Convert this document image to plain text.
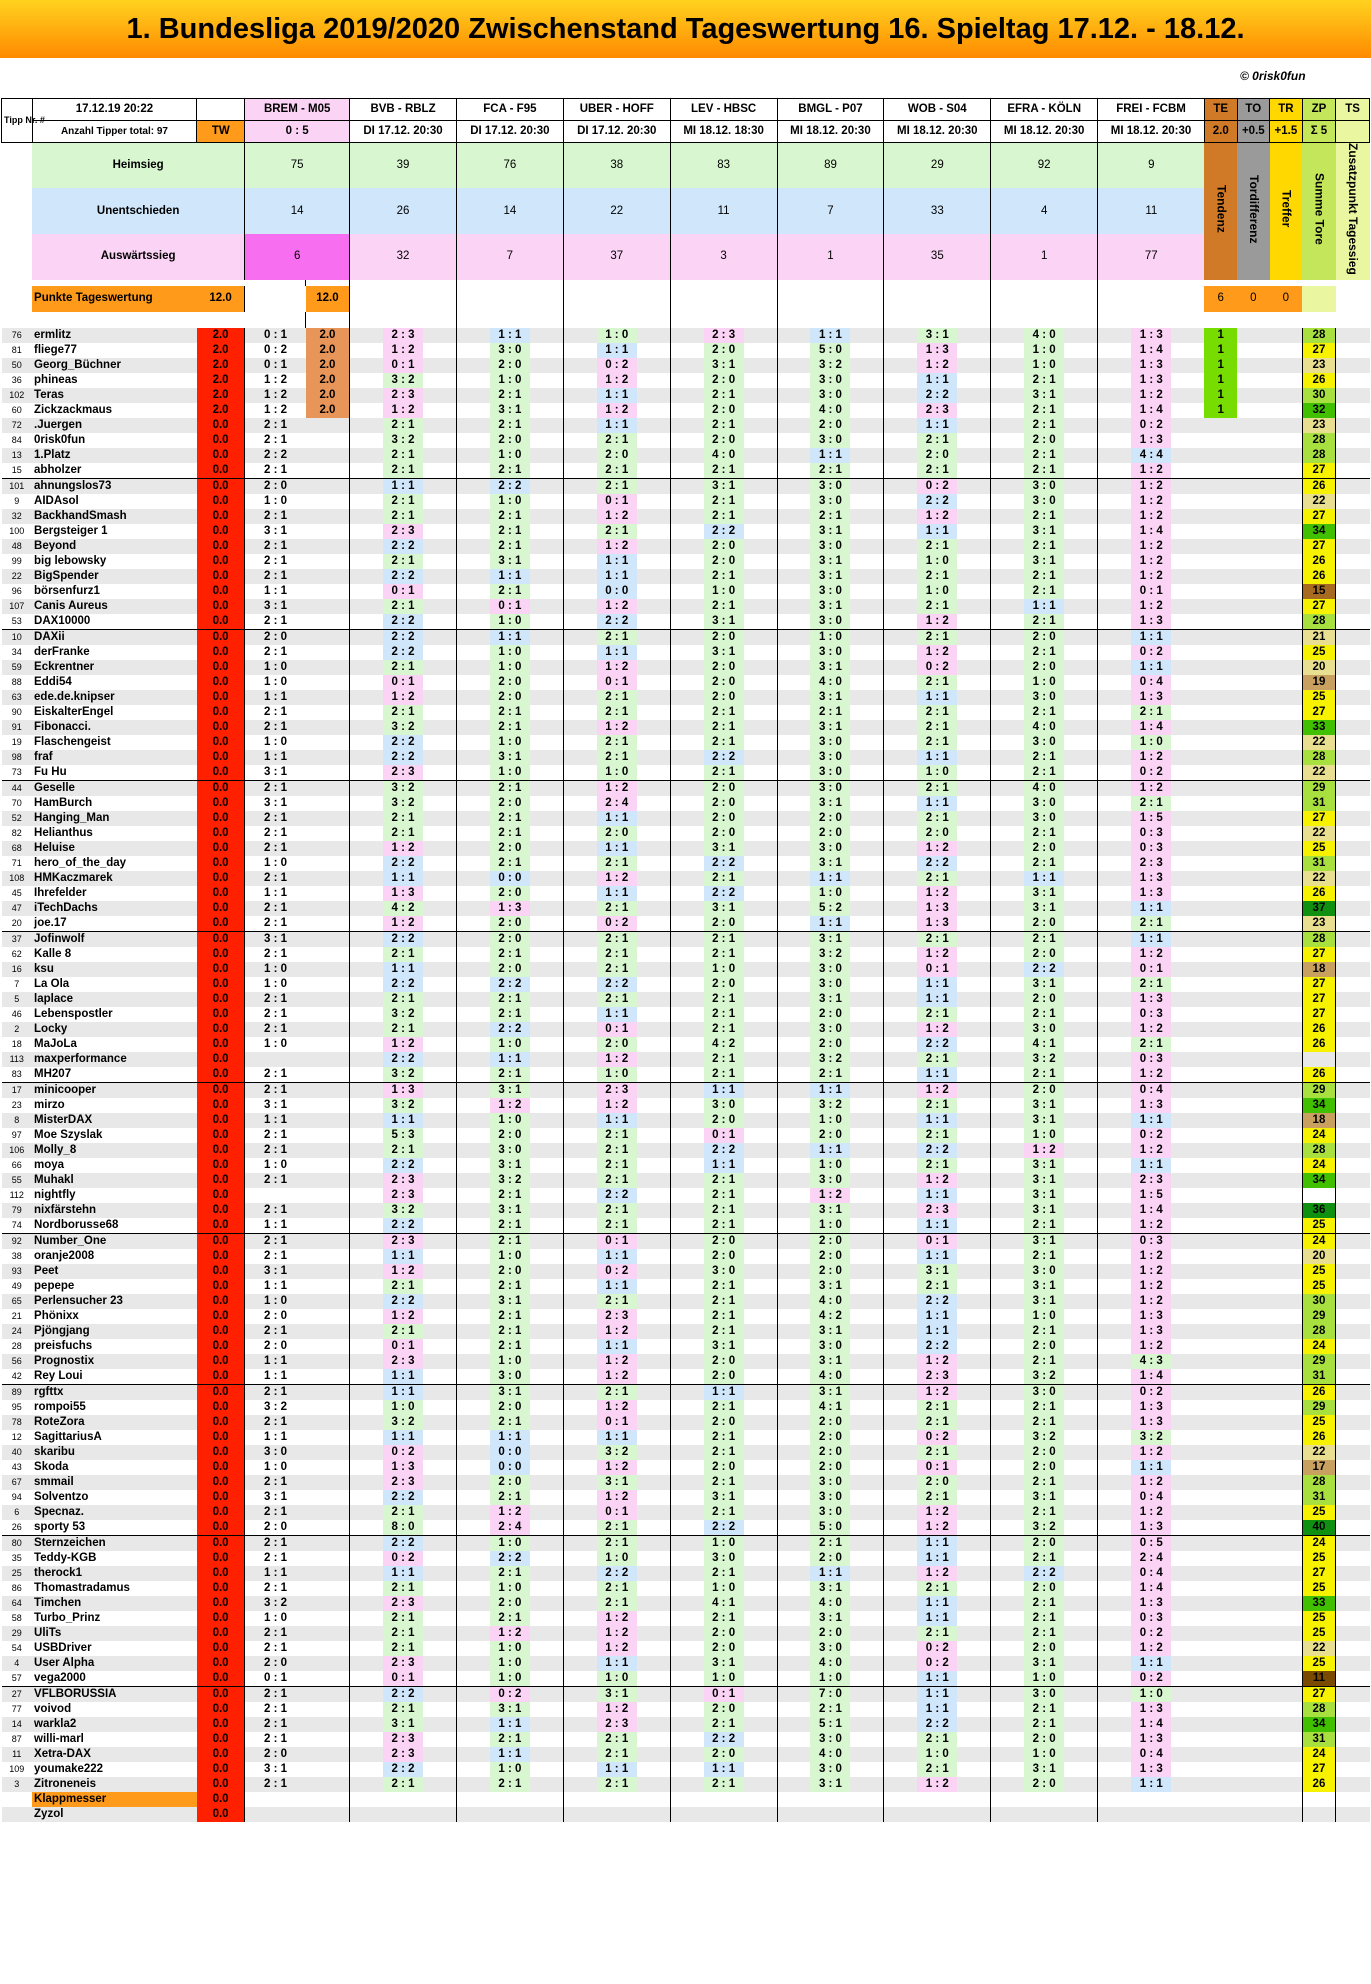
1. Bundesliga 2019/2020 Zwischenstand Tageswertung 16. Spieltag 17.12. - 18.12.
© 0risk0fun
Tipp Nr. #	17.12.19 20:22		BREM - M05		BVB - RBLZ	FCA - F95	UBER - HOFF	LEV - HBSC	BMGL - P07	WOB - S04	EFRA - KÖLN	FREI - FCBM	TE	TO	TR	ZP	TS
	Anzahl Tipper total: 97	TW	0 : 5		DI 17.12. 20:30	DI 17.12. 20:30	DI 17.12. 20:30	MI 18.12. 18:30	MI 18.12. 20:30	MI 18.12. 20:30	MI 18.12. 20:30	MI 18.12. 20:30	2.0	+0.5	+1.5	Σ 5	
	Heimsieg		75		39	76	38	83	89	29	92	9	Tendenz	Tordifferenz	Treffer	Summe Tore	Zusatzpunkt Tagessieg
	Unentschieden		14		26	14	22	11	7	33	4	11					
	Auswärtssieg		6		32	7	37	3	1	35	1	77					

	Punkte Tageswertung	12.0		12.0									6	0	0		

76	ermlitz	2.0	0 : 1	2.0	2 : 3	1 : 1	1 : 0	2 : 3	1 : 1	3 : 1	4 : 0	1 : 3	1			28	
81	fliege77	2.0	0 : 2	2.0	1 : 2	3 : 0	1 : 1	2 : 0	5 : 0	1 : 3	1 : 0	1 : 4	1			27	
50	Georg_Büchner	2.0	0 : 1	2.0	0 : 1	2 : 0	0 : 2	3 : 1	3 : 2	1 : 2	1 : 0	1 : 3	1			23	
36	phineas	2.0	1 : 2	2.0	3 : 2	1 : 0	1 : 2	2 : 0	3 : 0	1 : 1	2 : 1	1 : 3	1			26	
102	Teras	2.0	1 : 2	2.0	2 : 3	2 : 1	1 : 1	2 : 1	3 : 0	2 : 2	3 : 1	1 : 2	1			30	
60	Zickzackmaus	2.0	1 : 2	2.0	1 : 2	3 : 1	1 : 2	2 : 0	4 : 0	2 : 3	2 : 1	1 : 4	1			32	
72	.Juergen	0.0	2 : 1		2 : 1	2 : 1	1 : 1	2 : 1	2 : 0	1 : 1	2 : 1	0 : 2				23	
84	0risk0fun	0.0	2 : 1		3 : 2	2 : 0	2 : 1	2 : 0	3 : 0	2 : 1	2 : 0	1 : 3				28	
13	1.Platz	0.0	2 : 2		2 : 1	1 : 0	2 : 0	4 : 0	1 : 1	2 : 0	2 : 1	4 : 4				28	
15	abholzer	0.0	2 : 1		2 : 1	2 : 1	2 : 1	2 : 1	2 : 1	2 : 1	2 : 1	1 : 2				27	
101	ahnungslos73	0.0	2 : 0		1 : 1	2 : 2	2 : 1	3 : 1	3 : 0	0 : 2	3 : 0	1 : 2				26	
9	AIDAsol	0.0	1 : 0		2 : 1	1 : 0	0 : 1	2 : 1	3 : 0	2 : 2	3 : 0	1 : 2				22	
32	BackhandSmash	0.0	2 : 1		2 : 1	2 : 1	1 : 2	2 : 1	2 : 1	1 : 2	2 : 1	1 : 2				27	
100	Bergsteiger 1	0.0	3 : 1		2 : 3	2 : 1	2 : 1	2 : 2	3 : 1	1 : 1	3 : 1	1 : 4				34	
48	Beyond	0.0	2 : 1		2 : 2	2 : 1	1 : 2	2 : 0	3 : 0	2 : 1	2 : 1	1 : 2				27	
99	big lebowsky	0.0	2 : 1		2 : 1	3 : 1	1 : 1	2 : 0	3 : 1	1 : 0	3 : 1	1 : 2				26	
22	BigSpender	0.0	2 : 1		2 : 2	1 : 1	1 : 1	2 : 1	3 : 1	2 : 1	2 : 1	1 : 2				26	
96	börsenfurz1	0.0	1 : 1		0 : 1	2 : 1	0 : 0	1 : 0	3 : 0	1 : 0	2 : 1	0 : 1				15	
107	Canis Aureus	0.0	3 : 1		2 : 1	0 : 1	1 : 2	2 : 1	3 : 1	2 : 1	1 : 1	1 : 2				27	
53	DAX10000	0.0	2 : 1		2 : 2	1 : 0	2 : 2	3 : 1	3 : 0	1 : 2	2 : 1	1 : 3				28	
10	DAXii	0.0	2 : 0		2 : 2	1 : 1	2 : 1	2 : 0	1 : 0	2 : 1	2 : 0	1 : 1				21	
34	derFranke	0.0	2 : 1		2 : 2	1 : 0	1 : 1	3 : 1	3 : 0	1 : 2	2 : 1	0 : 2				25	
59	Eckrentner	0.0	1 : 0		2 : 1	1 : 0	1 : 2	2 : 0	3 : 1	0 : 2	2 : 0	1 : 1				20	
88	Eddi54	0.0	1 : 0		0 : 1	2 : 0	0 : 1	2 : 0	4 : 0	2 : 1	1 : 0	0 : 4				19	
63	ede.de.knipser	0.0	1 : 1		1 : 2	2 : 0	2 : 1	2 : 0	3 : 1	1 : 1	3 : 0	1 : 3				25	
90	EiskalterEngel	0.0	2 : 1		2 : 1	2 : 1	2 : 1	2 : 1	2 : 1	2 : 1	2 : 1	2 : 1				27	
91	Fibonacci.	0.0	2 : 1		3 : 2	2 : 1	1 : 2	2 : 1	3 : 1	2 : 1	4 : 0	1 : 4				33	
19	Flaschengeist	0.0	1 : 0		2 : 2	1 : 0	2 : 1	2 : 1	3 : 0	2 : 1	3 : 0	1 : 0				22	
98	fraf	0.0	1 : 1		2 : 2	3 : 1	2 : 1	2 : 2	3 : 0	1 : 1	2 : 1	1 : 2				28	
73	Fu Hu	0.0	3 : 1		2 : 3	1 : 0	1 : 0	2 : 1	3 : 0	1 : 0	2 : 1	0 : 2				22	
44	Geselle	0.0	2 : 1		3 : 2	2 : 1	1 : 2	2 : 0	3 : 0	2 : 1	4 : 0	1 : 2				29	
70	HamBurch	0.0	3 : 1		3 : 2	2 : 0	2 : 4	2 : 0	3 : 1	1 : 1	3 : 0	2 : 1				31	
52	Hanging_Man	0.0	2 : 1		2 : 1	2 : 1	1 : 1	2 : 0	2 : 0	2 : 1	3 : 0	1 : 5				27	
82	Helianthus	0.0	2 : 1		2 : 1	2 : 1	2 : 0	2 : 0	2 : 0	2 : 0	2 : 1	0 : 3				22	
68	Heluise	0.0	2 : 1		1 : 2	2 : 0	1 : 1	3 : 1	3 : 0	1 : 2	2 : 0	0 : 3				25	
71	hero_of_the_day	0.0	1 : 0		2 : 2	2 : 1	2 : 1	2 : 2	3 : 1	2 : 2	2 : 1	2 : 3				31	
108	HMKaczmarek	0.0	2 : 1		1 : 1	0 : 0	1 : 2	2 : 1	1 : 1	2 : 1	1 : 1	1 : 3				22	
45	Ihrefelder	0.0	1 : 1		1 : 3	2 : 0	1 : 1	2 : 2	1 : 0	1 : 2	3 : 1	1 : 3				26	
47	iTechDachs	0.0	2 : 1		4 : 2	1 : 3	2 : 1	3 : 1	5 : 2	1 : 3	3 : 1	1 : 1				37	
20	joe.17	0.0	2 : 1		1 : 2	2 : 0	0 : 2	2 : 0	1 : 1	1 : 3	2 : 0	2 : 1				23	
37	Jofinwolf	0.0	3 : 1		2 : 2	2 : 0	2 : 1	2 : 1	3 : 1	2 : 1	2 : 1	1 : 1				28	
62	Kalle 8	0.0	2 : 1		2 : 1	2 : 1	2 : 1	2 : 1	3 : 2	1 : 2	2 : 0	1 : 2				27	
16	ksu	0.0	1 : 0		1 : 1	2 : 0	2 : 1	1 : 0	3 : 0	0 : 1	2 : 2	0 : 1				18	
7	La Ola	0.0	1 : 0		2 : 2	2 : 2	2 : 2	2 : 0	3 : 0	1 : 1	3 : 1	2 : 1				27	
5	laplace	0.0	2 : 1		2 : 1	2 : 1	2 : 1	2 : 1	3 : 1	1 : 1	2 : 0	1 : 3				27	
46	Lebenspostler	0.0	2 : 1		3 : 2	2 : 1	1 : 1	2 : 1	2 : 0	2 : 1	2 : 1	0 : 3				27	
2	Locky	0.0	2 : 1		2 : 1	2 : 2	0 : 1	2 : 1	3 : 0	1 : 2	3 : 0	1 : 2				26	
18	MaJoLa	0.0	1 : 0		1 : 2	1 : 0	2 : 0	4 : 2	2 : 0	2 : 2	4 : 1	2 : 1				26	
113	maxperformance	0.0			2 : 2	1 : 1	1 : 2	2 : 1	3 : 2	2 : 1	3 : 2	0 : 3					
83	MH207	0.0	2 : 1		3 : 2	2 : 1	1 : 0	2 : 1	2 : 1	1 : 1	2 : 1	1 : 2				26	
17	minicooper	0.0	2 : 1		1 : 3	3 : 1	2 : 3	1 : 1	1 : 1	1 : 2	2 : 0	0 : 4				29	
23	mirzo	0.0	3 : 1		3 : 2	1 : 2	1 : 2	3 : 0	3 : 2	2 : 1	3 : 1	1 : 3				34	
8	MisterDAX	0.0	1 : 1		1 : 1	1 : 0	1 : 1	2 : 0	1 : 0	1 : 1	3 : 1	1 : 1				18	
97	Moe Szyslak	0.0	2 : 1		5 : 3	2 : 0	2 : 1	0 : 1	2 : 0	2 : 1	1 : 0	0 : 2				24	
106	Molly_8	0.0	2 : 1		2 : 1	3 : 0	2 : 1	2 : 2	1 : 1	2 : 2	1 : 2	1 : 2				28	
66	moya	0.0	1 : 0		2 : 2	3 : 1	2 : 1	1 : 1	1 : 0	2 : 1	3 : 1	1 : 1				24	
55	Muhakl	0.0	2 : 1		2 : 3	3 : 2	2 : 1	2 : 1	3 : 0	1 : 2	3 : 1	2 : 3				34	
112	nightfly	0.0			2 : 3	2 : 1	2 : 2	2 : 1	1 : 2	1 : 1	3 : 1	1 : 5					
79	nixfärstehn	0.0	2 : 1		3 : 2	3 : 1	2 : 1	2 : 1	3 : 1	2 : 3	3 : 1	1 : 4				36	
74	Nordborusse68	0.0	1 : 1		2 : 2	2 : 1	2 : 1	2 : 1	1 : 0	1 : 1	2 : 1	1 : 2				25	
92	Number_One	0.0	2 : 1		2 : 3	2 : 1	0 : 1	2 : 0	2 : 0	0 : 1	3 : 1	0 : 3				24	
38	oranje2008	0.0	2 : 1		1 : 1	1 : 0	1 : 1	2 : 0	2 : 0	1 : 1	2 : 1	1 : 2				20	
93	Peet	0.0	3 : 1		1 : 2	2 : 0	0 : 2	3 : 0	2 : 0	3 : 1	3 : 0	1 : 2				25	
49	pepepe	0.0	1 : 1		2 : 1	2 : 1	1 : 1	2 : 1	3 : 1	2 : 1	3 : 1	1 : 2				25	
65	Perlensucher 23	0.0	1 : 0		2 : 2	3 : 1	2 : 1	2 : 1	4 : 0	2 : 2	3 : 1	1 : 2				30	
21	Phönixx	0.0	2 : 0		1 : 2	2 : 1	2 : 3	2 : 1	4 : 2	1 : 1	1 : 0	1 : 3				29	
24	Pjöngjang	0.0	2 : 1		2 : 1	2 : 1	1 : 2	2 : 1	3 : 1	1 : 1	2 : 1	1 : 3				28	
28	preisfuchs	0.0	2 : 0		0 : 1	2 : 1	1 : 1	3 : 1	3 : 0	2 : 2	2 : 0	1 : 2				24	
56	Prognostix	0.0	1 : 1		2 : 3	1 : 0	1 : 2	2 : 0	3 : 1	1 : 2	2 : 1	4 : 3				29	
42	Rey Loui	0.0	1 : 1		1 : 1	3 : 0	1 : 2	2 : 0	4 : 0	2 : 3	3 : 2	1 : 4				31	
89	rgfttx	0.0	2 : 1		1 : 1	3 : 1	2 : 1	1 : 1	3 : 1	1 : 2	3 : 0	0 : 2				26	
95	rompoi55	0.0	3 : 2		1 : 0	2 : 0	1 : 2	2 : 1	4 : 1	2 : 1	2 : 1	1 : 3				29	
78	RoteZora	0.0	2 : 1		3 : 2	2 : 1	0 : 1	2 : 0	2 : 0	2 : 1	2 : 1	1 : 3				25	
12	SagittariusA	0.0	1 : 1		1 : 1	1 : 1	1 : 1	2 : 1	2 : 0	0 : 2	3 : 2	3 : 2				26	
40	skaribu	0.0	3 : 0		0 : 2	0 : 0	3 : 2	2 : 1	2 : 0	2 : 1	2 : 0	1 : 2				22	
43	Skoda	0.0	1 : 0		1 : 3	0 : 0	1 : 2	2 : 0	2 : 0	0 : 1	2 : 0	1 : 1				17	
67	smmail	0.0	2 : 1		2 : 3	2 : 0	3 : 1	2 : 1	3 : 0	2 : 0	2 : 1	1 : 2				28	
94	Solventzo	0.0	3 : 1		2 : 2	2 : 1	1 : 2	3 : 1	3 : 0	2 : 1	3 : 1	0 : 4				31	
6	Specnaz.	0.0	2 : 1		2 : 1	1 : 2	0 : 1	2 : 1	3 : 0	1 : 2	2 : 1	1 : 2				25	
26	sporty 53	0.0	2 : 0		8 : 0	2 : 4	2 : 1	2 : 2	5 : 0	1 : 2	3 : 2	1 : 3				40	
80	Sternzeichen	0.0	2 : 1		2 : 2	1 : 0	2 : 1	1 : 0	2 : 1	1 : 1	2 : 0	0 : 5				24	
35	Teddy-KGB	0.0	2 : 1		0 : 2	2 : 2	1 : 0	3 : 0	2 : 0	1 : 1	2 : 1	2 : 4				25	
25	therock1	0.0	1 : 1		1 : 1	2 : 1	2 : 2	2 : 1	1 : 1	1 : 2	2 : 2	0 : 4				27	
86	Thomastradamus	0.0	2 : 1		2 : 1	1 : 0	2 : 1	1 : 0	3 : 1	2 : 1	2 : 0	1 : 4				25	
64	Timchen	0.0	3 : 2		2 : 3	2 : 0	2 : 1	4 : 1	4 : 0	1 : 1	2 : 1	1 : 3				33	
58	Turbo_Prinz	0.0	1 : 0		2 : 1	2 : 1	1 : 2	2 : 1	3 : 1	1 : 1	2 : 1	0 : 3				25	
29	UliTs	0.0	2 : 1		2 : 1	1 : 2	1 : 2	2 : 0	2 : 0	2 : 1	2 : 1	0 : 2				25	
54	USBDriver	0.0	2 : 1		2 : 1	1 : 0	1 : 2	2 : 0	3 : 0	0 : 2	2 : 0	1 : 2				22	
4	User Alpha	0.0	2 : 0		2 : 3	1 : 0	1 : 1	3 : 1	4 : 0	0 : 2	3 : 1	1 : 1				25	
57	vega2000	0.0	0 : 1		0 : 1	1 : 0	1 : 0	1 : 0	1 : 0	1 : 1	1 : 0	0 : 2				11	
27	VFLBORUSSIA	0.0	2 : 1		2 : 2	0 : 2	3 : 1	0 : 1	7 : 0	1 : 1	3 : 0	1 : 0				27	
77	voivod	0.0	2 : 1		2 : 1	3 : 1	1 : 2	2 : 0	2 : 1	1 : 1	2 : 1	1 : 3				28	
14	warkla2	0.0	2 : 1		3 : 1	1 : 1	2 : 3	2 : 1	5 : 1	2 : 2	2 : 1	1 : 4				34	
87	willi-marl	0.0	2 : 1		2 : 3	2 : 1	2 : 1	2 : 2	3 : 0	2 : 1	2 : 0	1 : 3				31	
11	Xetra-DAX	0.0	2 : 0		2 : 3	1 : 1	2 : 1	2 : 0	4 : 0	1 : 0	1 : 0	0 : 4				24	
109	youmake222	0.0	3 : 1		2 : 2	1 : 0	1 : 1	1 : 1	3 : 0	2 : 1	3 : 1	1 : 3				27	
3	Zitroneneis	0.0	2 : 1		2 : 1	2 : 1	2 : 1	2 : 1	3 : 1	1 : 2	2 : 0	1 : 1				26	
	Klappmesser	0.0															
	Zyzol	0.0															
